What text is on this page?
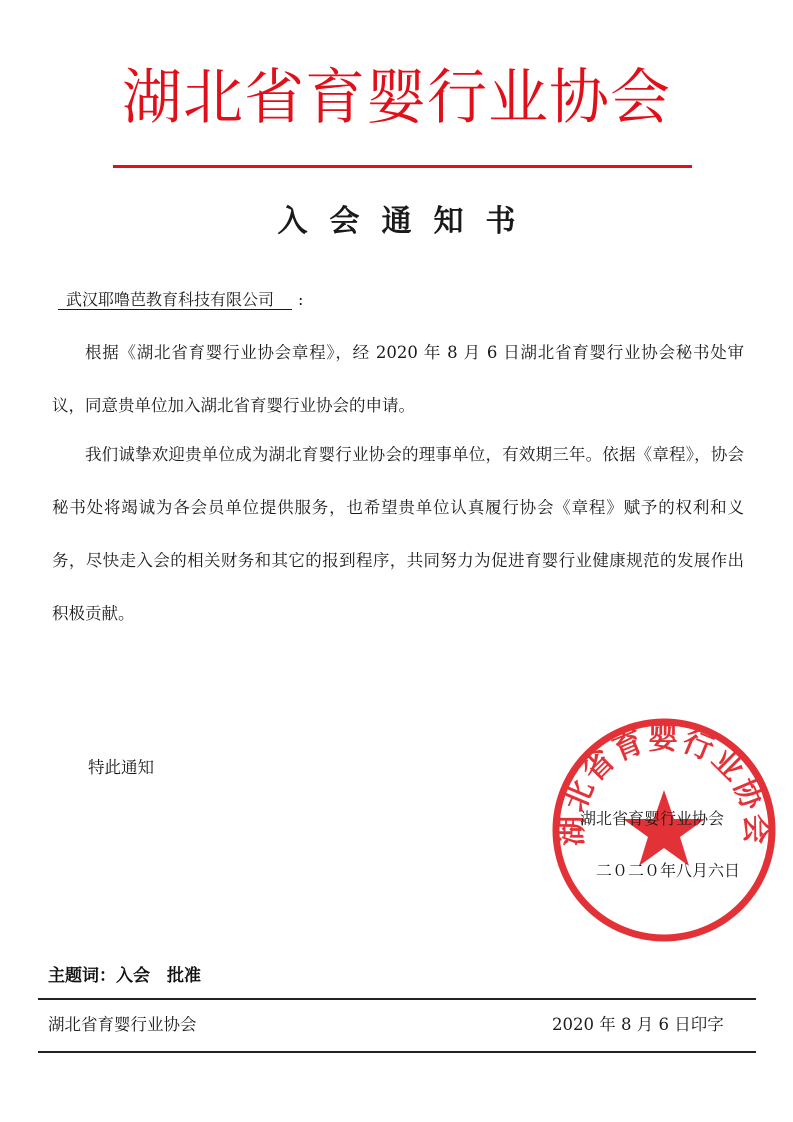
湖北省育婴行业协会
入会通知书
武汉耶噜芭教育科技有限公司 :

根据《湖北省育婴行业协会章程》，经 2020 年 8 月 6 日湖北省育婴行业协会秘书处审议，同意贵单位加入湖北省育婴行业协会的申请。

我们诚挚欢迎贵单位成为湖北育婴行业协会的理事单位，有效期三年。依据《章程》，协会秘书处将竭诚为各会员单位提供服务，也希望贵单位认真履行协会《章程》赋予的权利和义务，尽快走入会的相关财务和其它的报到程序，共同努力为促进育婴行业健康规范的发展作出积极贡献。

特此通知
湖北省育婴行业协会
湖北省育婴行业协会
二０二０年八月六日
主题词：入会　批准
湖北省育婴行业协会	2020 年 8 月 6 日印字
